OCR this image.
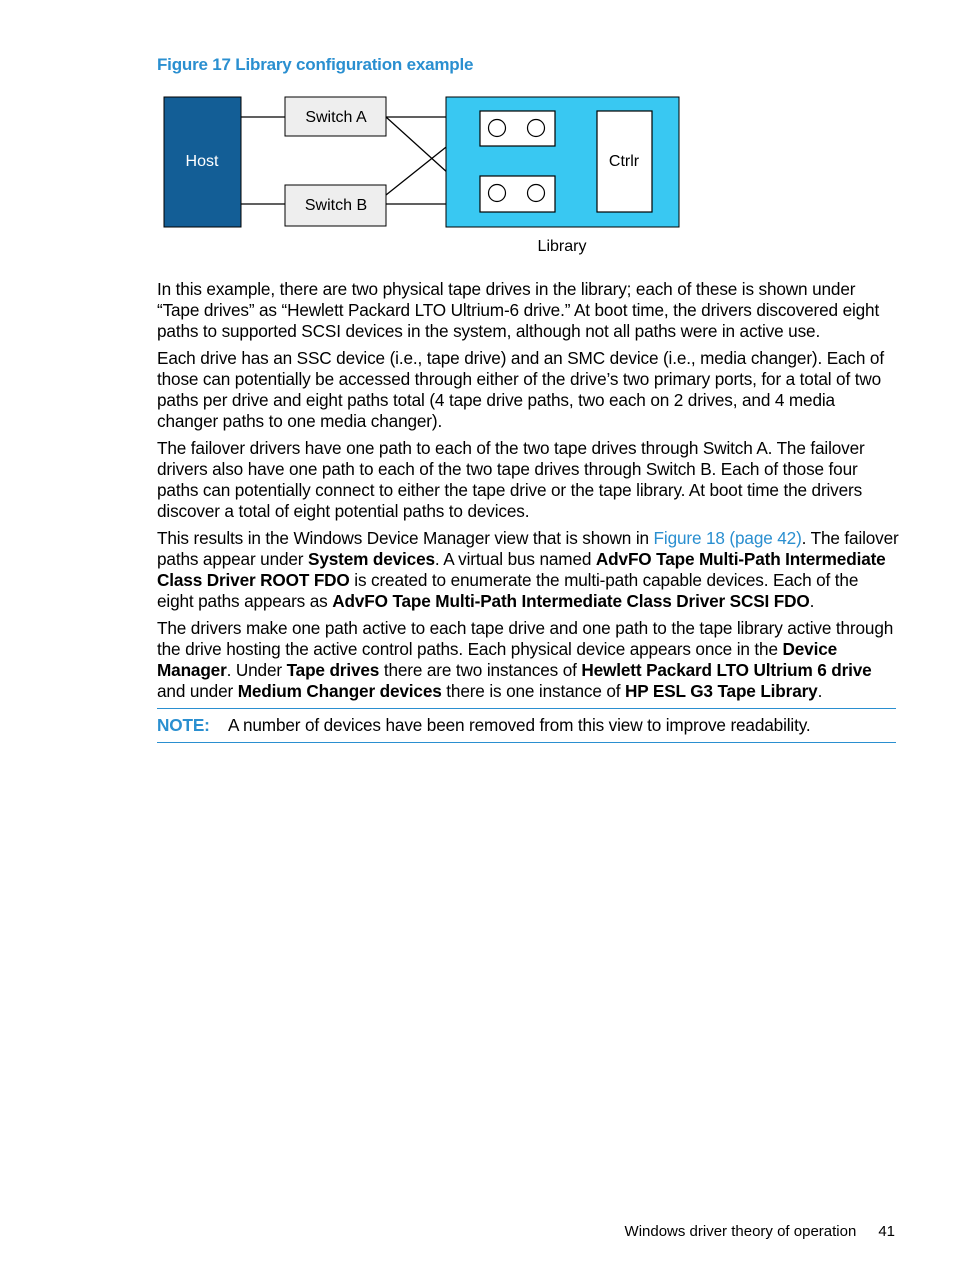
Figure 17 Library configuration example
Host
Switch A
Switch B
Ctrlr
Library

In this example, there are two physical tape drives in the library; each of these is shown under “Tape drives” as “Hewlett Packard LTO Ultrium-6 drive.” At boot time, the drivers discovered eight paths to supported SCSI devices in the system, although not all paths were in active use.

Each drive has an SSC device (i.e., tape drive) and an SMC device (i.e., media changer). Each of those can potentially be accessed through either of the drive’s two primary ports, for a total of two paths per drive and eight paths total (4 tape drive paths, two each on 2 drives, and 4 media changer paths to one media changer).

The failover drivers have one path to each of the two tape drives through Switch A. The failover drivers also have one path to each of the two tape drives through Switch B. Each of those four paths can potentially connect to either the tape drive or the tape library. At boot time the drivers discover a total of eight potential paths to devices.

This results in the Windows Device Manager view that is shown in Figure 18 (page 42). The failover paths appear under System devices. A virtual bus named AdvFO Tape Multi-Path Intermediate Class Driver ROOT FDO is created to enumerate the multi-path capable devices. Each of the eight paths appears as AdvFO Tape Multi-Path Intermediate Class Driver SCSI FDO.

The drivers make one path active to each tape drive and one path to the tape library active through the drive hosting the active control paths. Each physical device appears once in the Device Manager. Under Tape drives there are two instances of Hewlett Packard LTO Ultrium 6 drive and under Medium Changer devices there is one instance of HP ESL G3 Tape Library.

NOTE: A number of devices have been removed from this view to improve readability.
Windows driver theory of operation 41
